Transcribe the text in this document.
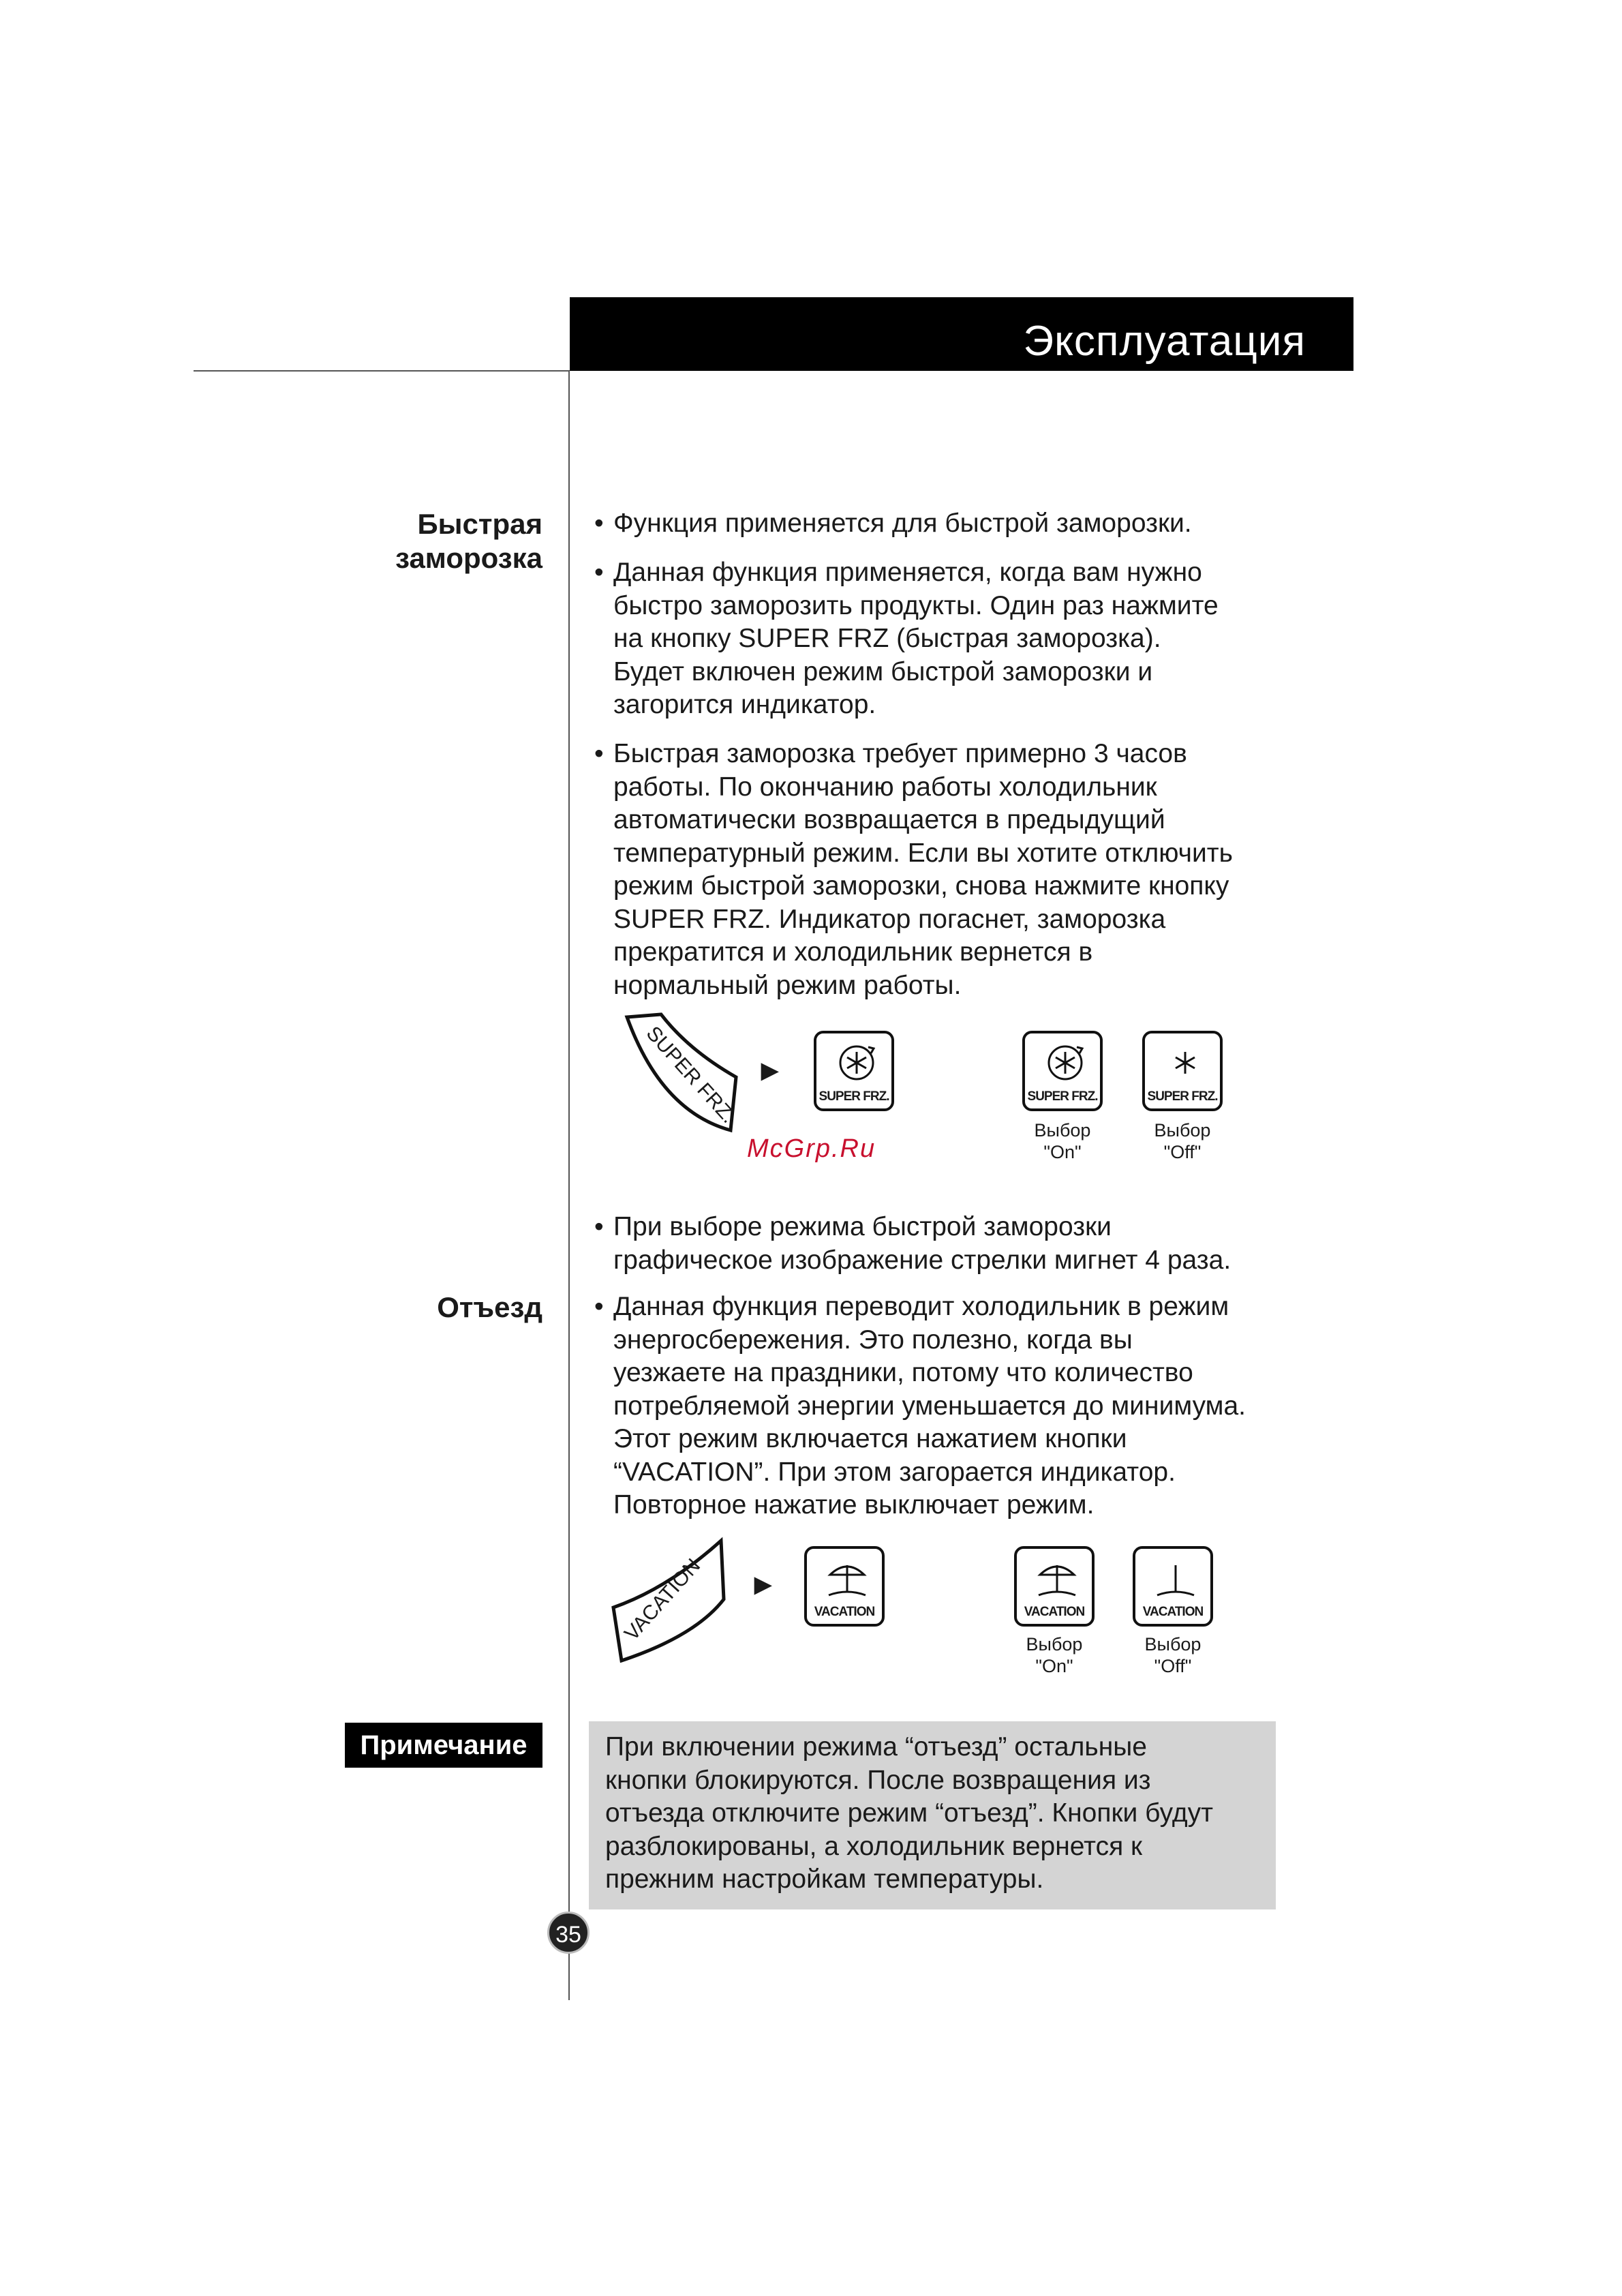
Эксплуатация
Быстрая
заморозка
• Функция применяется для быстрой заморозки.
• Данная функция применяется, когда вам нужно
быстро заморозить продукты. Один раз нажмите
на кнопку SUPER FRZ (быстрая заморозка).
Будет включен режим быстрой заморозки и
загорится индикатор.
• Быстрая заморозка требует примерно 3 часов
работы. По окончанию работы холодильник
автоматически возвращается в предыдущий
температурный режим. Если вы хотите отключить
режим быстрой заморозки, снова нажмите кнопку
SUPER FRZ. Индикатор погаснет, заморозка
прекратится и холодильник вернется в
нормальный режим работы.
SUPER FRZ. ►
SUPER FRZ.	SUPER FRZ.	SUPER FRZ.
Выбор
"On"
Выбор
"Off"
McGrp.Ru
• При выборе режима быстрой заморозки
графическое изображение стрелки мигнет 4 раза.
Отъезд • Данная функция переводит холодильник в режим
энергосбережения. Это полезно, когда вы
уезжаете на праздники, потому что количество
потребляемой энергии уменьшается до минимума.
Этот режим включается нажатием кнопки
“VACATION”. При этом загорается индикатор.
Повторное нажатие выключает режим.
VACATION ►
VACATION	VACATION	VACATION
Выбор
"On"
Выбор
"Off"
Примечание	При включении режима “отъезд” остальные
кнопки блокируются. После возвращения из
отъезда отключите режим “отъезд”. Кнопки будут
разблокированы, а холодильник вернется к
прежним настройкам температуры.
35
